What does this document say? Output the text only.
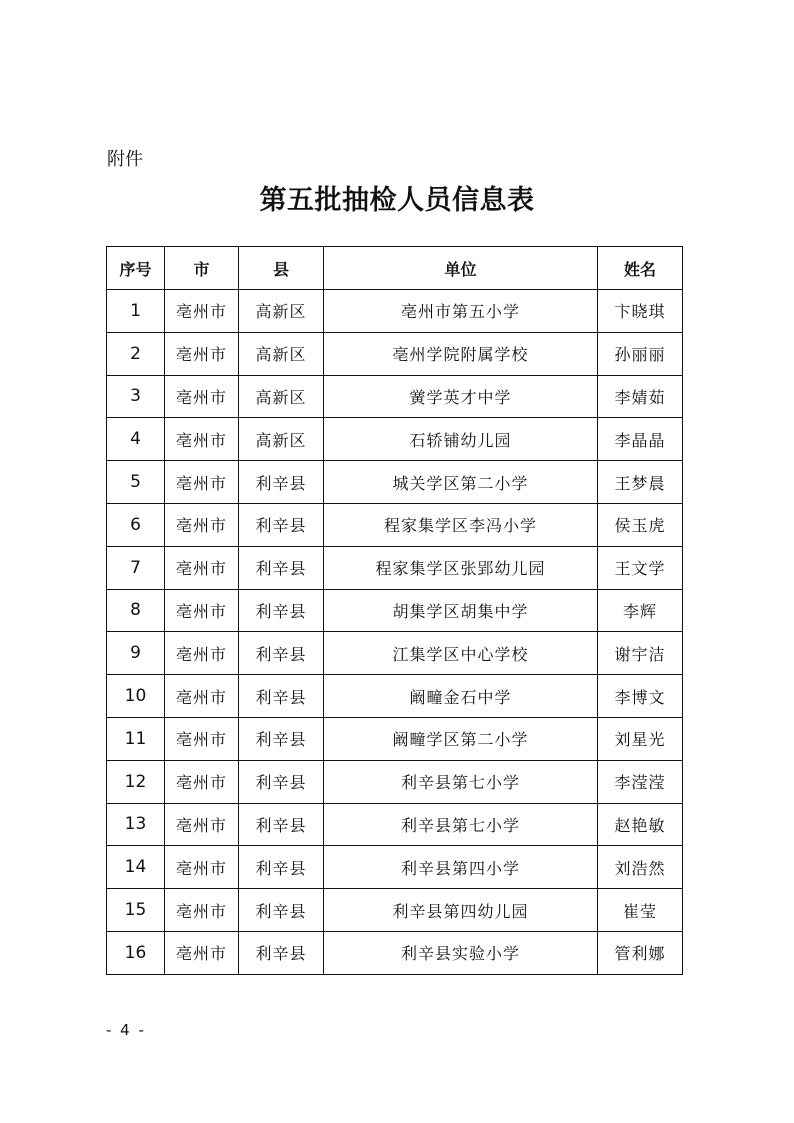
附件
第五批抽检人员信息表
序号	市	县	单位	姓名
1	亳州市	高新区	亳州市第五小学	卞晓琪
2	亳州市	高新区	亳州学院附属学校	孙丽丽
3	亳州市	高新区	黉学英才中学	李婧茹
4	亳州市	高新区	石轿铺幼儿园	李晶晶
5	亳州市	利辛县	城关学区第二小学	王梦晨
6	亳州市	利辛县	程家集学区李冯小学	侯玉虎
7	亳州市	利辛县	程家集学区张郢幼儿园	王文学
8	亳州市	利辛县	胡集学区胡集中学	李辉
9	亳州市	利辛县	江集学区中心学校	谢宇洁
10	亳州市	利辛县	阚疃金石中学	李博文
11	亳州市	利辛县	阚疃学区第二小学	刘星光
12	亳州市	利辛县	利辛县第七小学	李滢滢
13	亳州市	利辛县	利辛县第七小学	赵艳敏
14	亳州市	利辛县	利辛县第四小学	刘浩然
15	亳州市	利辛县	利辛县第四幼儿园	崔莹
16	亳州市	利辛县	利辛县实验小学	管利娜
- 4 -
